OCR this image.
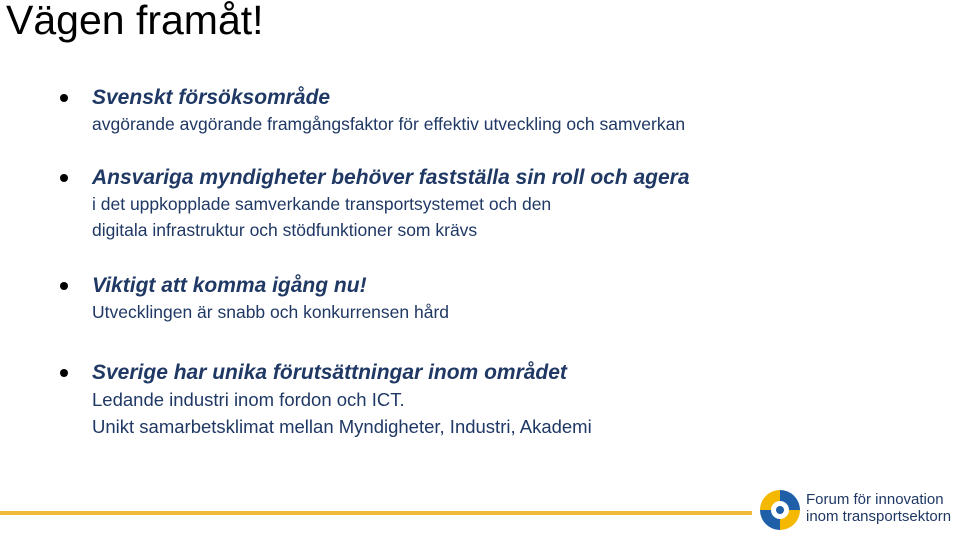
Vägen framåt!
Svenskt försöksområde
avgörande avgörande framgångsfaktor för effektiv utveckling och samverkan
Ansvariga myndigheter behöver fastställa sin roll och agera
i det uppkopplade samverkande transportsystemet och den
digitala infrastruktur och stödfunktioner som krävs
Viktigt att komma igång nu!
Utvecklingen är snabb och konkurrensen hård
Sverige har unika förutsättningar inom området
Ledande industri inom fordon och ICT.
Unikt samarbetsklimat mellan Myndigheter, Industri, Akademi
Forum för innovation
inom transportsektorn
